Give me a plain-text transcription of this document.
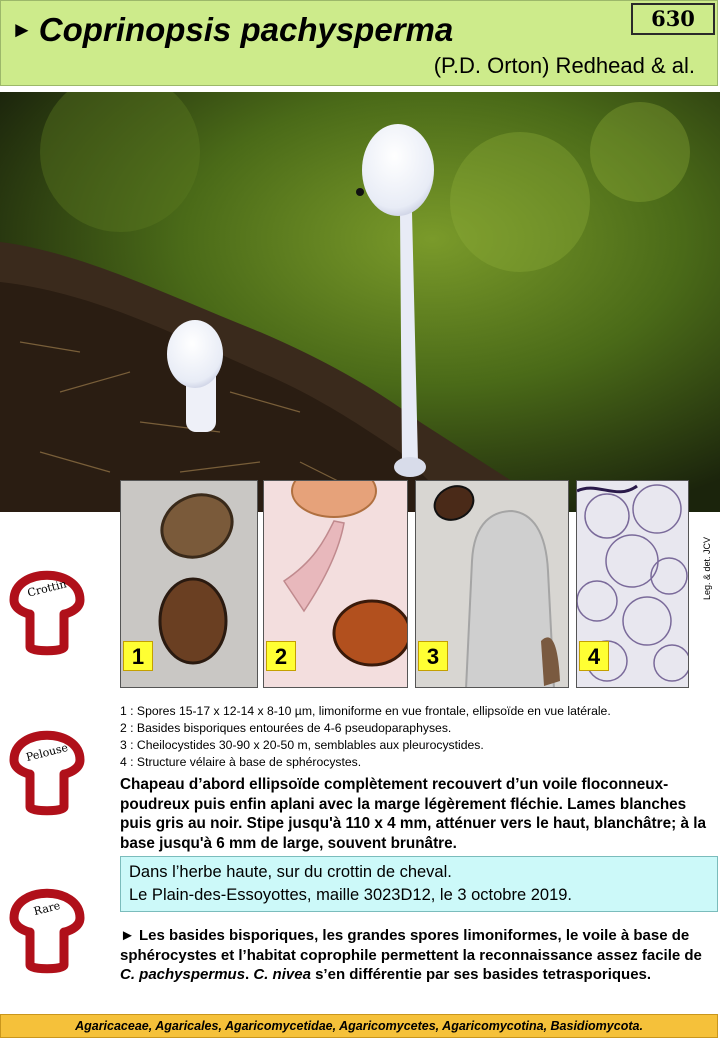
► Coprinopsis pachysperma
(P.D. Orton) Redhead & al.
630
1	2	3	4
Leg. & det. JCV
Crottin
Pelouse
Rare
1 : Spores 15-17 x 12-14 x 8-10 µm, limoniforme en vue frontale, ellipsoïde en vue latérale.
2 : Basides bisporiques entourées de 4-6 pseudoparaphyses.
3 : Cheilocystides 30-90 x 20-50 m, semblables aux pleurocystides.
4 : Structure vélaire à base de sphérocystes.
Chapeau d’abord ellipsoïde complètement recouvert d’un voile floconneux-poudreux puis enfin aplani avec la marge légèrement fléchie. Lames blanches puis gris au noir. Stipe jusqu'à 110 x 4 mm, atténuer vers le haut, blanchâtre; à la base jusqu'à 6 mm de large, souvent brunâtre.
Dans l’herbe haute, sur du crottin de cheval.
Le Plain-des-Essoyottes, maille 3023D12, le 3 octobre 2019.
► Les basides bisporiques, les grandes spores limoniformes, le voile à base de sphérocystes et l’habitat coprophile permettent la reconnaissance assez facile de C. pachyspermus. C. nivea s’en différentie par ses basides tetrasporiques.
Agaricaceae, Agaricales, Agaricomycetidae, Agaricomycetes, Agaricomycotina, Basidiomycota.
